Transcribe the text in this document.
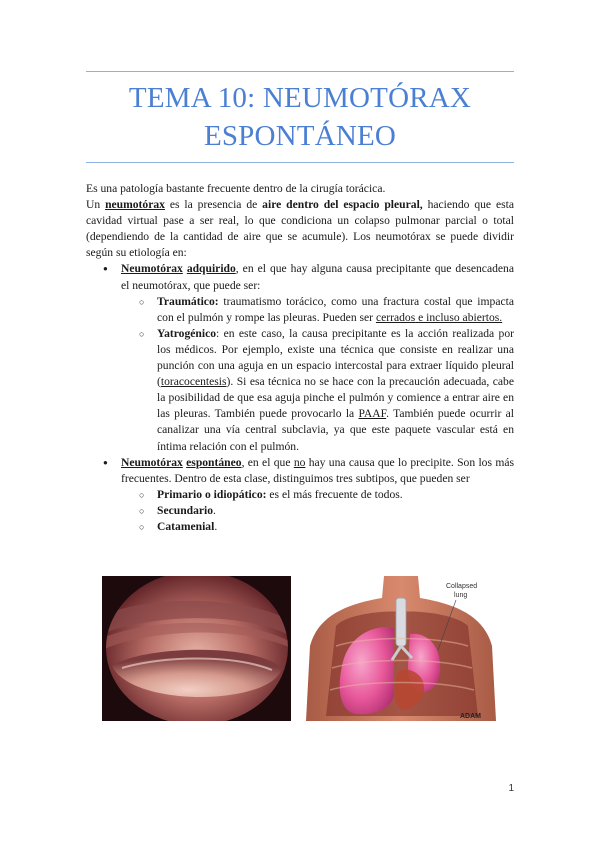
TEMA 10: NEUMOTÓRAX
ESPONTÁNEO

Es una patología bastante frecuente dentro de la cirugía torácica.

Un neumotórax es la presencia de aire dentro del espacio pleural, haciendo que esta cavidad virtual pase a ser real, lo que condiciona un colapso pulmonar parcial o total (dependiendo de la cantidad de aire que se acumule). Los neumotórax se puede dividir según su etiología en:

● Neumotórax adquirido, en el que hay alguna causa precipitante que desencadena el neumotórax, que puede ser:
○ Traumático: traumatismo torácico, como una fractura costal que impacta con el pulmón y rompe las pleuras. Pueden ser cerrados e incluso abiertos.
○ Yatrogénico: en este caso, la causa precipitante es la acción realizada por los médicos. Por ejemplo, existe una técnica que consiste en realizar una punción con una aguja en un espacio intercostal para extraer líquido pleural (toracocentesis). Si esa técnica no se hace con la precaución adecuada, cabe la posibilidad de que esa aguja pinche el pulmón y comience a entrar aire en las pleuras. También puede provocarlo la PAAF. También puede ocurrir al canalizar una vía central subclavia, ya que este paquete vascular está en íntima relación con el pulmón.
● Neumotórax espontáneo, en el que no hay una causa que lo precipite. Son los más frecuentes. Dentro de esta clase, distinguimos tres subtipos, que pueden ser
○ Primario o idiopático: es el más frecuente de todos.
○ Secundario.
○ Catamenial.
Collapsed
lung
ADAM
1
